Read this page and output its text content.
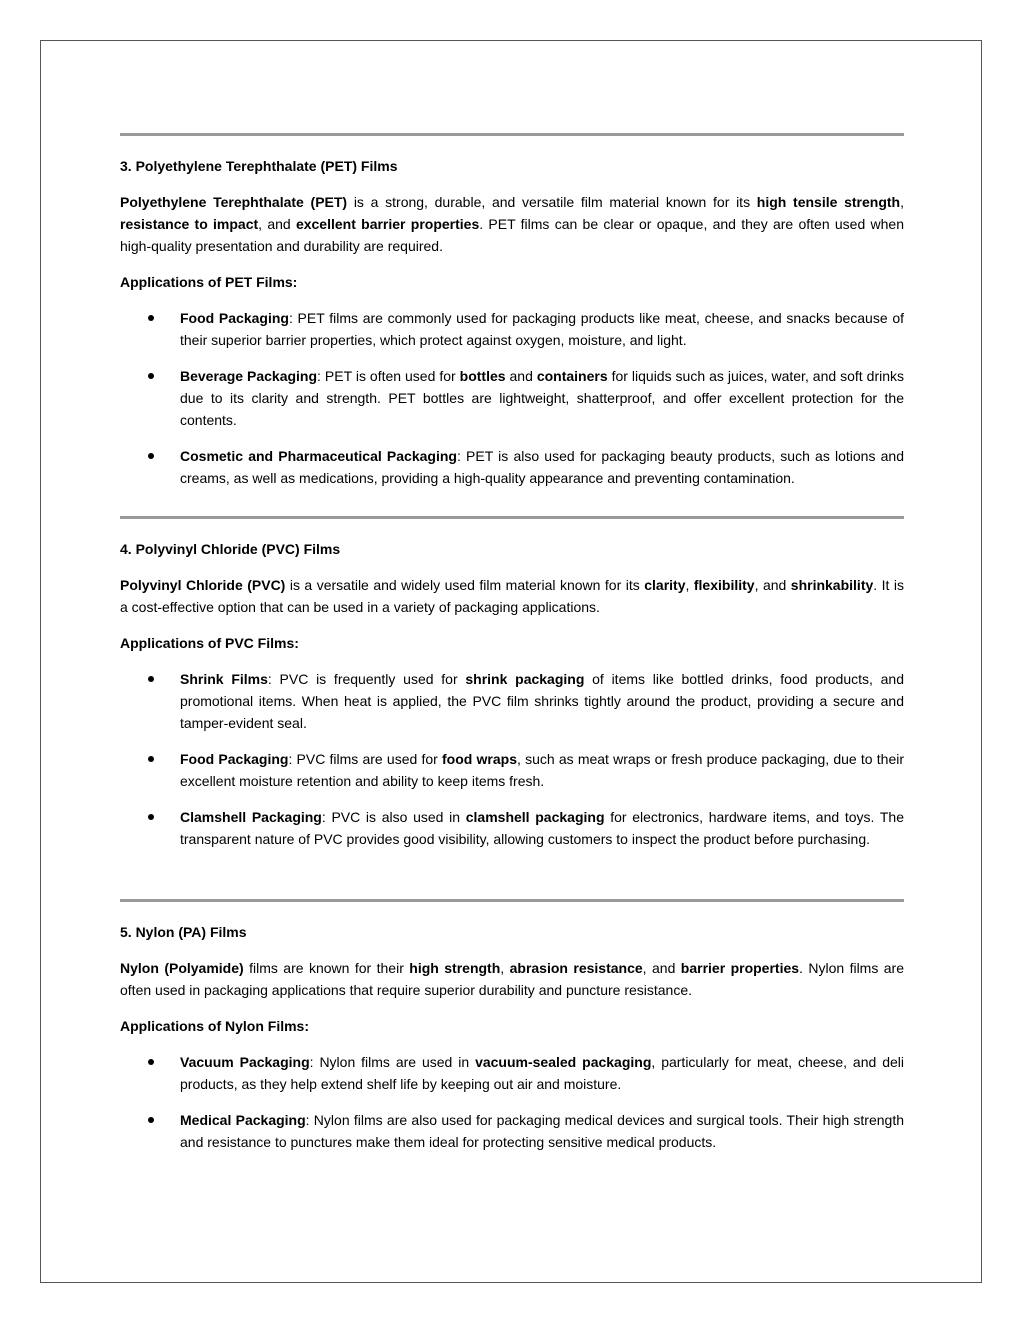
3. Polyethylene Terephthalate (PET) Films

Polyethylene Terephthalate (PET) is a strong, durable, and versatile film material known for its high tensile strength, resistance to impact, and excellent barrier properties. PET films can be clear or opaque, and they are often used when high-quality presentation and durability are required.

Applications of PET Films:

Food Packaging: PET films are commonly used for packaging products like meat, cheese, and snacks because of their superior barrier properties, which protect against oxygen, moisture, and light.
Beverage Packaging: PET is often used for bottles and containers for liquids such as juices, water, and soft drinks due to its clarity and strength. PET bottles are lightweight, shatterproof, and offer excellent protection for the contents.
Cosmetic and Pharmaceutical Packaging: PET is also used for packaging beauty products, such as lotions and creams, as well as medications, providing a high-quality appearance and preventing contamination.

4. Polyvinyl Chloride (PVC) Films

Polyvinyl Chloride (PVC) is a versatile and widely used film material known for its clarity, flexibility, and shrinkability. It is a cost-effective option that can be used in a variety of packaging applications.

Applications of PVC Films:

Shrink Films: PVC is frequently used for shrink packaging of items like bottled drinks, food products, and promotional items. When heat is applied, the PVC film shrinks tightly around the product, providing a secure and tamper-evident seal.
Food Packaging: PVC films are used for food wraps, such as meat wraps or fresh produce packaging, due to their excellent moisture retention and ability to keep items fresh.
Clamshell Packaging: PVC is also used in clamshell packaging for electronics, hardware items, and toys. The transparent nature of PVC provides good visibility, allowing customers to inspect the product before purchasing.

5. Nylon (PA) Films

Nylon (Polyamide) films are known for their high strength, abrasion resistance, and barrier properties. Nylon films are often used in packaging applications that require superior durability and puncture resistance.

Applications of Nylon Films:

Vacuum Packaging: Nylon films are used in vacuum-sealed packaging, particularly for meat, cheese, and deli products, as they help extend shelf life by keeping out air and moisture.
Medical Packaging: Nylon films are also used for packaging medical devices and surgical tools. Their high strength and resistance to punctures make them ideal for protecting sensitive medical products.
